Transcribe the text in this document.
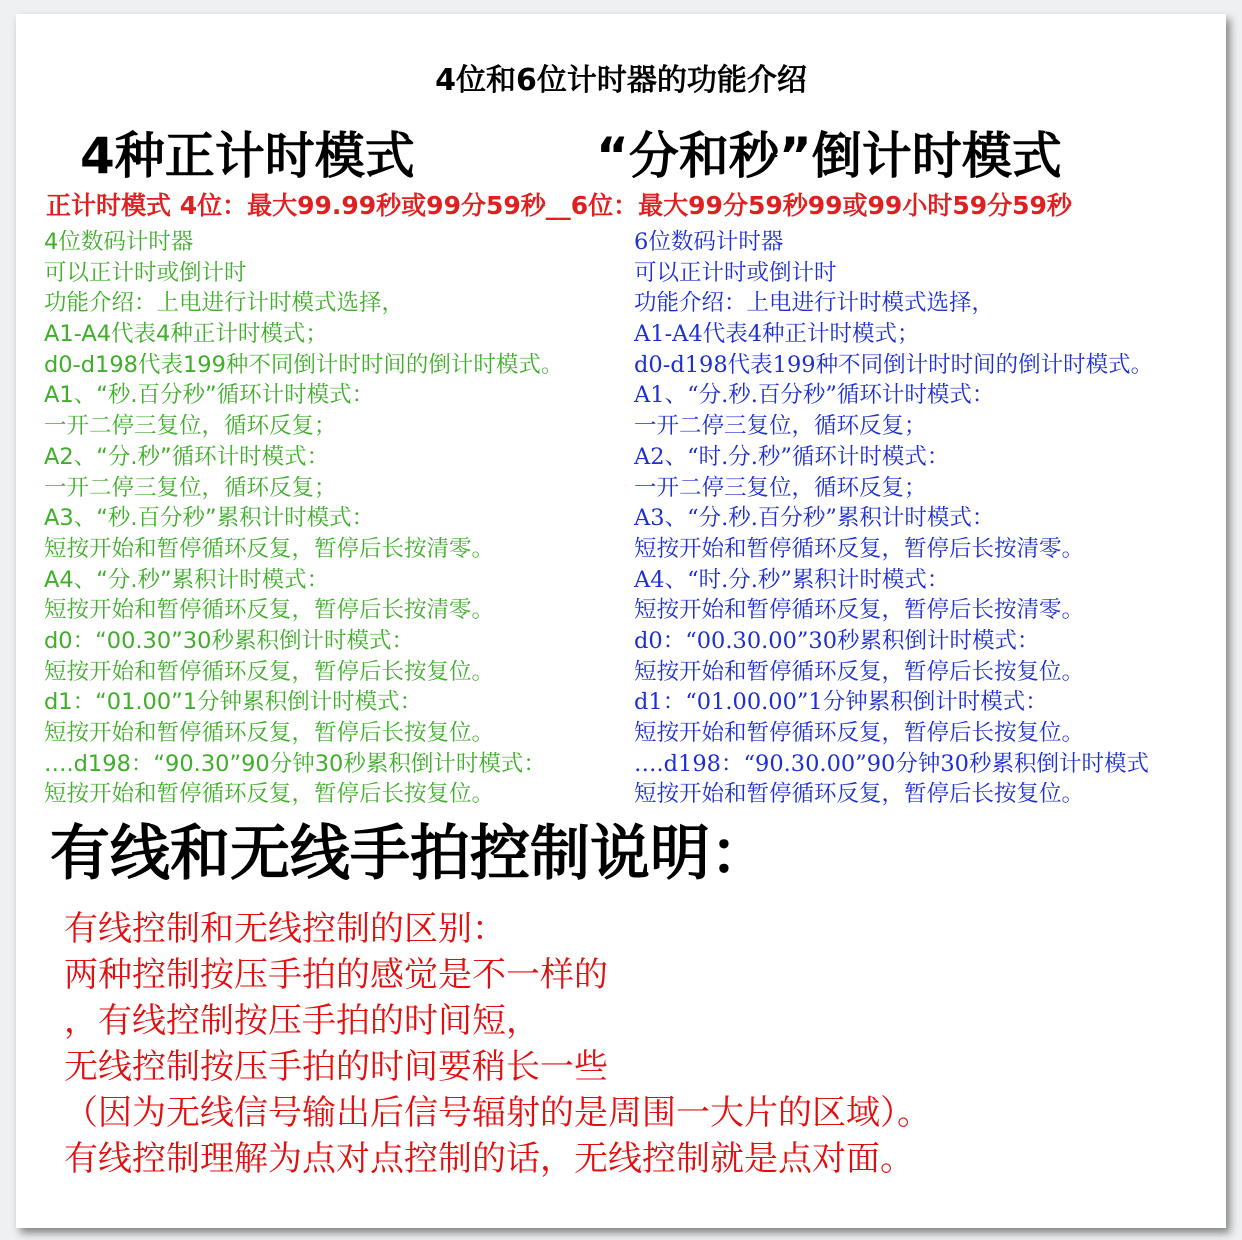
4位和6位计时器的功能介绍
4种正计时模式	“分和秒”倒计时模式
正计时模式 4位：最大99.99秒或99分59秒__6位：最大99分59秒99或99小时59分59秒
4位数码计时器
可以正计时或倒计时
功能介绍：上电进行计时模式选择，
A1-A4代表4种正计时模式；
d0-d198代表199种不同倒计时时间的倒计时模式。
A1、“秒.百分秒”循环计时模式：
一开二停三复位，循环反复；
A2、“分.秒”循环计时模式：
一开二停三复位，循环反复；
A3、“秒.百分秒”累积计时模式：
短按开始和暂停循环反复，暂停后长按清零。
A4、“分.秒”累积计时模式：
短按开始和暂停循环反复，暂停后长按清零。
d0：“00.30”30秒累积倒计时模式：
短按开始和暂停循环反复，暂停后长按复位。
d1：“01.00”1分钟累积倒计时模式：
短按开始和暂停循环反复，暂停后长按复位。
….d198：“90.30”90分钟30秒累积倒计时模式：
短按开始和暂停循环反复，暂停后长按复位。
6位数码计时器
可以正计时或倒计时
功能介绍：上电进行计时模式选择，
A1-A4代表4种正计时模式；
d0-d198代表199种不同倒计时时间的倒计时模式。
A1、“分.秒.百分秒”循环计时模式：
一开二停三复位，循环反复；
A2、“时.分.秒”循环计时模式：
一开二停三复位，循环反复；
A3、“分.秒.百分秒”累积计时模式：
短按开始和暂停循环反复，暂停后长按清零。
A4、“时.分.秒”累积计时模式：
短按开始和暂停循环反复，暂停后长按清零。
d0：“00.30.00”30秒累积倒计时模式：
短按开始和暂停循环反复，暂停后长按复位。
d1：“01.00.00”1分钟累积倒计时模式：
短按开始和暂停循环反复，暂停后长按复位。
….d198：“90.30.00”90分钟30秒累积倒计时模式
短按开始和暂停循环反复，暂停后长按复位。
有线和无线手拍控制说明：
有线控制和无线控制的区别：
两种控制按压手拍的感觉是不一样的
，有线控制按压手拍的时间短，
无线控制按压手拍的时间要稍长一些
（因为无线信号输出后信号辐射的是周围一大片的区域）。
有线控制理解为点对点控制的话，无线控制就是点对面。
